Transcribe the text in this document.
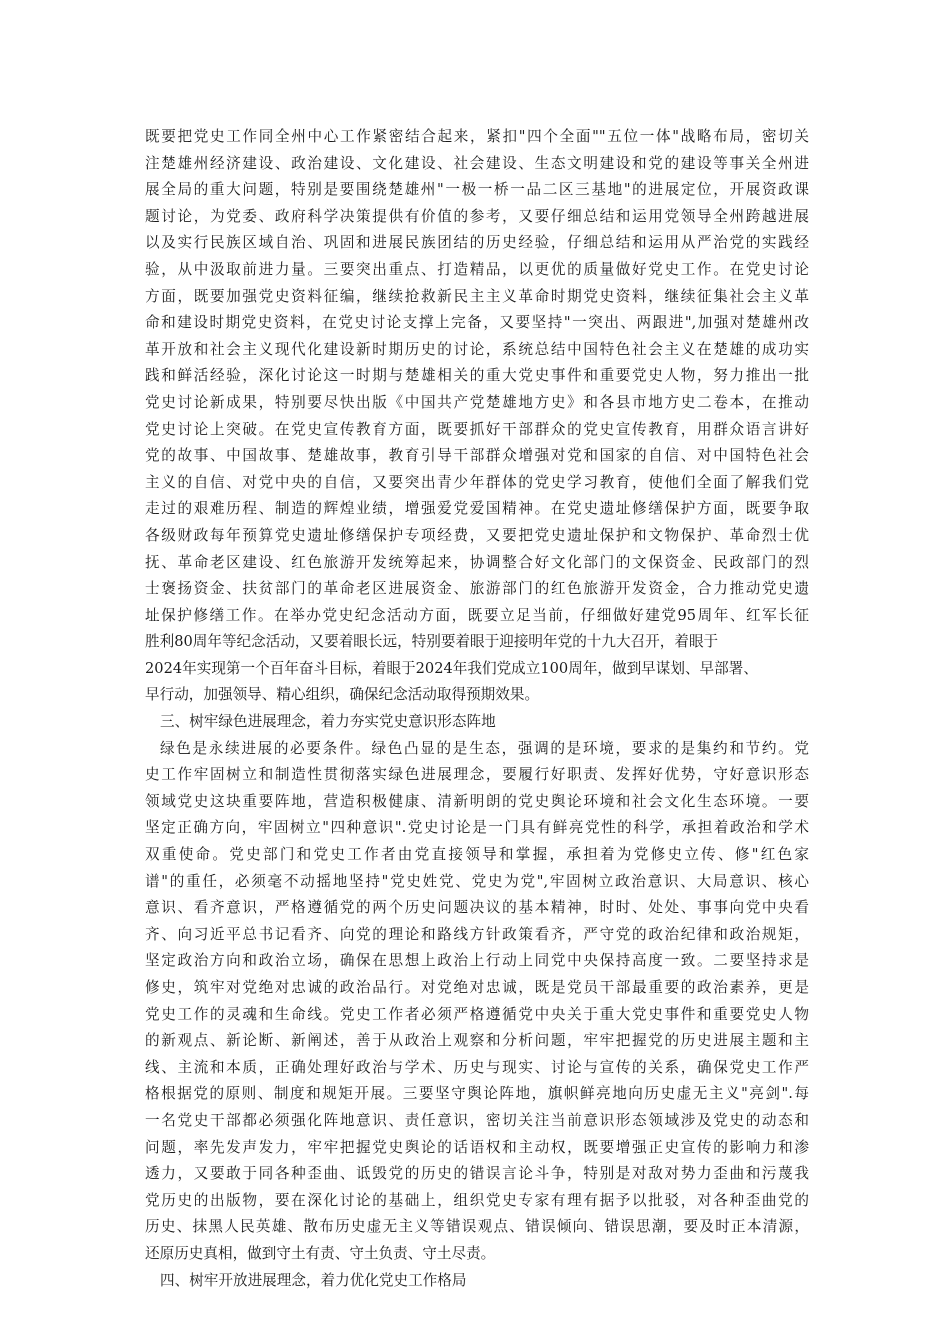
既要把党史工作同全州中心工作紧密结合起来，紧扣"四个全面""五位一体"战略布局，密切关
注楚雄州经济建设、政治建设、文化建设、社会建设、生态文明建设和党的建设等事关全州进
展全局的重大问题，特别是要围绕楚雄州"一极一桥一品二区三基地"的进展定位，开展资政课
题讨论，为党委、政府科学决策提供有价值的参考，又要仔细总结和运用党领导全州跨越进展
以及实行民族区域自治、巩固和进展民族团结的历史经验，仔细总结和运用从严治党的实践经
验，从中汲取前进力量。三要突出重点、打造精品，以更优的质量做好党史工作。在党史讨论
方面，既要加强党史资料征编，继续抢救新民主主义革命时期党史资料，继续征集社会主义革
命和建设时期党史资料，在党史讨论支撑上完备，又要坚持"一突出、两跟进",加强对楚雄州改
革开放和社会主义现代化建设新时期历史的讨论，系统总结中国特色社会主义在楚雄的成功实
践和鲜活经验，深化讨论这一时期与楚雄相关的重大党史事件和重要党史人物，努力推出一批
党史讨论新成果，特别要尽快出版《中国共产党楚雄地方史》和各县市地方史二卷本，在推动
党史讨论上突破。在党史宣传教育方面，既要抓好干部群众的党史宣传教育，用群众语言讲好
党的故事、中国故事、楚雄故事，教育引导干部群众增强对党和国家的自信、对中国特色社会
主义的自信、对党中央的自信，又要突出青少年群体的党史学习教育，使他们全面了解我们党
走过的艰难历程、制造的辉煌业绩，增强爱党爱国精神。在党史遗址修缮保护方面，既要争取
各级财政每年预算党史遗址修缮保护专项经费，又要把党史遗址保护和文物保护、革命烈士优
抚、革命老区建设、红色旅游开发统筹起来，协调整合好文化部门的文保资金、民政部门的烈
士褒扬资金、扶贫部门的革命老区进展资金、旅游部门的红色旅游开发资金，合力推动党史遗
址保护修缮工作。在举办党史纪念活动方面，既要立足当前，仔细做好建党95周年、红军长征
胜利80周年等纪念活动，又要着眼长远，特别要着眼于迎接明年党的十九大召开，着眼于
2024年实现第一个百年奋斗目标，着眼于2024年我们党成立100周年，做到早谋划、早部署、
早行动，加强领导、精心组织，确保纪念活动取得预期效果。
三、树牢绿色进展理念，着力夯实党史意识形态阵地
绿色是永续进展的必要条件。绿色凸显的是生态，强调的是环境，要求的是集约和节约。党
史工作牢固树立和制造性贯彻落实绿色进展理念，要履行好职责、发挥好优势，守好意识形态
领域党史这块重要阵地，营造积极健康、清新明朗的党史舆论环境和社会文化生态环境。一要
坚定正确方向，牢固树立"四种意识".党史讨论是一门具有鲜亮党性的科学，承担着政治和学术
双重使命。党史部门和党史工作者由党直接领导和掌握，承担着为党修史立传、修"红色家
谱"的重任，必须毫不动摇地坚持"党史姓党、党史为党",牢固树立政治意识、大局意识、核心
意识、看齐意识，严格遵循党的两个历史问题决议的基本精神，时时、处处、事事向党中央看
齐、向习近平总书记看齐、向党的理论和路线方针政策看齐，严守党的政治纪律和政治规矩，
坚定政治方向和政治立场，确保在思想上政治上行动上同党中央保持高度一致。二要坚持求是
修史，筑牢对党绝对忠诚的政治品行。对党绝对忠诚，既是党员干部最重要的政治素养，更是
党史工作的灵魂和生命线。党史工作者必须严格遵循党中央关于重大党史事件和重要党史人物
的新观点、新论断、新阐述，善于从政治上观察和分析问题，牢牢把握党的历史进展主题和主
线、主流和本质，正确处理好政治与学术、历史与现实、讨论与宣传的关系，确保党史工作严
格根据党的原则、制度和规矩开展。三要坚守舆论阵地，旗帜鲜亮地向历史虚无主义"亮剑".每
一名党史干部都必须强化阵地意识、责任意识，密切关注当前意识形态领域涉及党史的动态和
问题，率先发声发力，牢牢把握党史舆论的话语权和主动权，既要增强正史宣传的影响力和渗
透力，又要敢于同各种歪曲、诋毁党的历史的错误言论斗争，特别是对敌对势力歪曲和污蔑我
党历史的出版物，要在深化讨论的基础上，组织党史专家有理有据予以批驳，对各种歪曲党的
历史、抹黑人民英雄、散布历史虚无主义等错误观点、错误倾向、错误思潮，要及时正本清源，
还原历史真相，做到守土有责、守土负责、守土尽责。
四、树牢开放进展理念，着力优化党史工作格局
